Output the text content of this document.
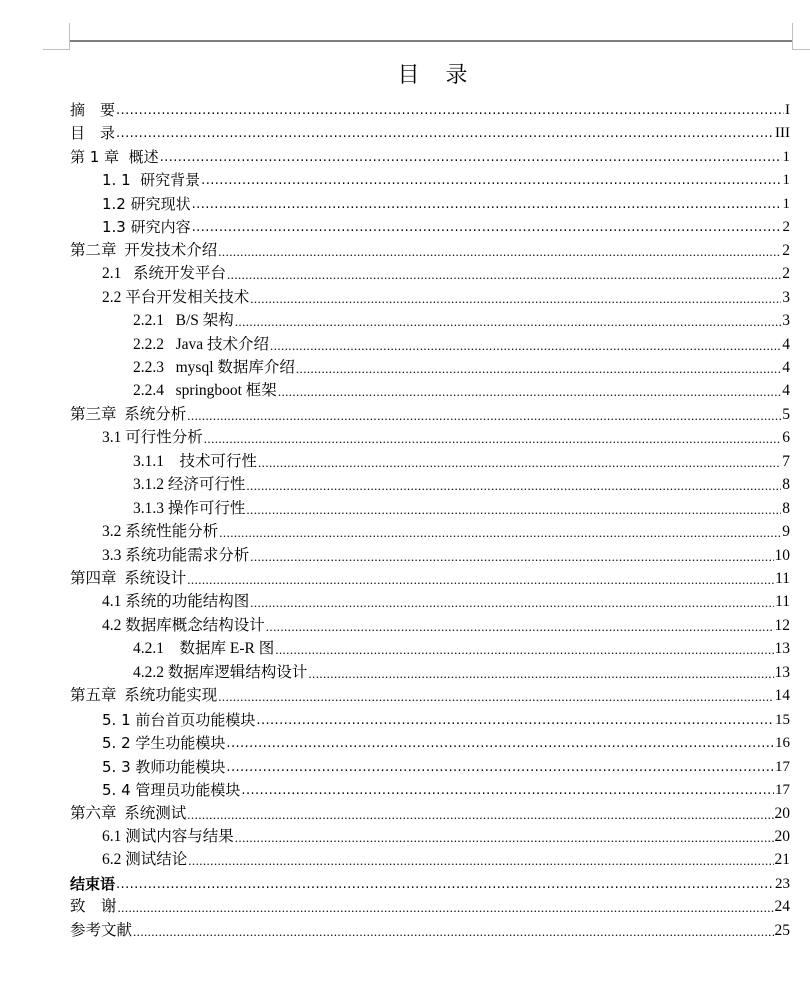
目 录
摘　要 .....	I
目　录 .....	III
第 1 章  概述 .....	1
1. 1  研究背景 .....	1
1.2 研究现状 .....	1
1.3 研究内容 .....	2
第二章  开发技术介绍 .....	2
2.1   系统开发平台 .....	2
2.2 平台开发相关技术 .....	3
2.2.1   B/S 架构 .....	3
2.2.2   Java 技术介绍 .....	4
2.2.3   mysql 数据库介绍 .....	4
2.2.4   springboot 框架 .....	4
第三章  系统分析 .....	5
3.1 可行性分析 .....	6
3.1.1    技术可行性 .....	7
3.1.2 经济可行性 .....	8
3.1.3 操作可行性 .....	8
3.2 系统性能分析 .....	9
3.3 系统功能需求分析 .....	10
第四章  系统设计 .....	11
4.1 系统的功能结构图 .....	11
4.2 数据库概念结构设计 .....	12
4.2.1    数据库 E-R 图 .....	13
4.2.2 数据库逻辑结构设计 .....	13
第五章  系统功能实现 .....	14
5. 1 前台首页功能模块 .....	15
5. 2 学生功能模块 .....	16
5. 3 教师功能模块 .....	17
5. 4 管理员功能模块 .....	17
第六章  系统测试 .....	20
6.1 测试内容与结果 .....	20
6.2 测试结论 .....	21
结束语 .....	23
致　谢 .....	24
参考文献 .....	25
